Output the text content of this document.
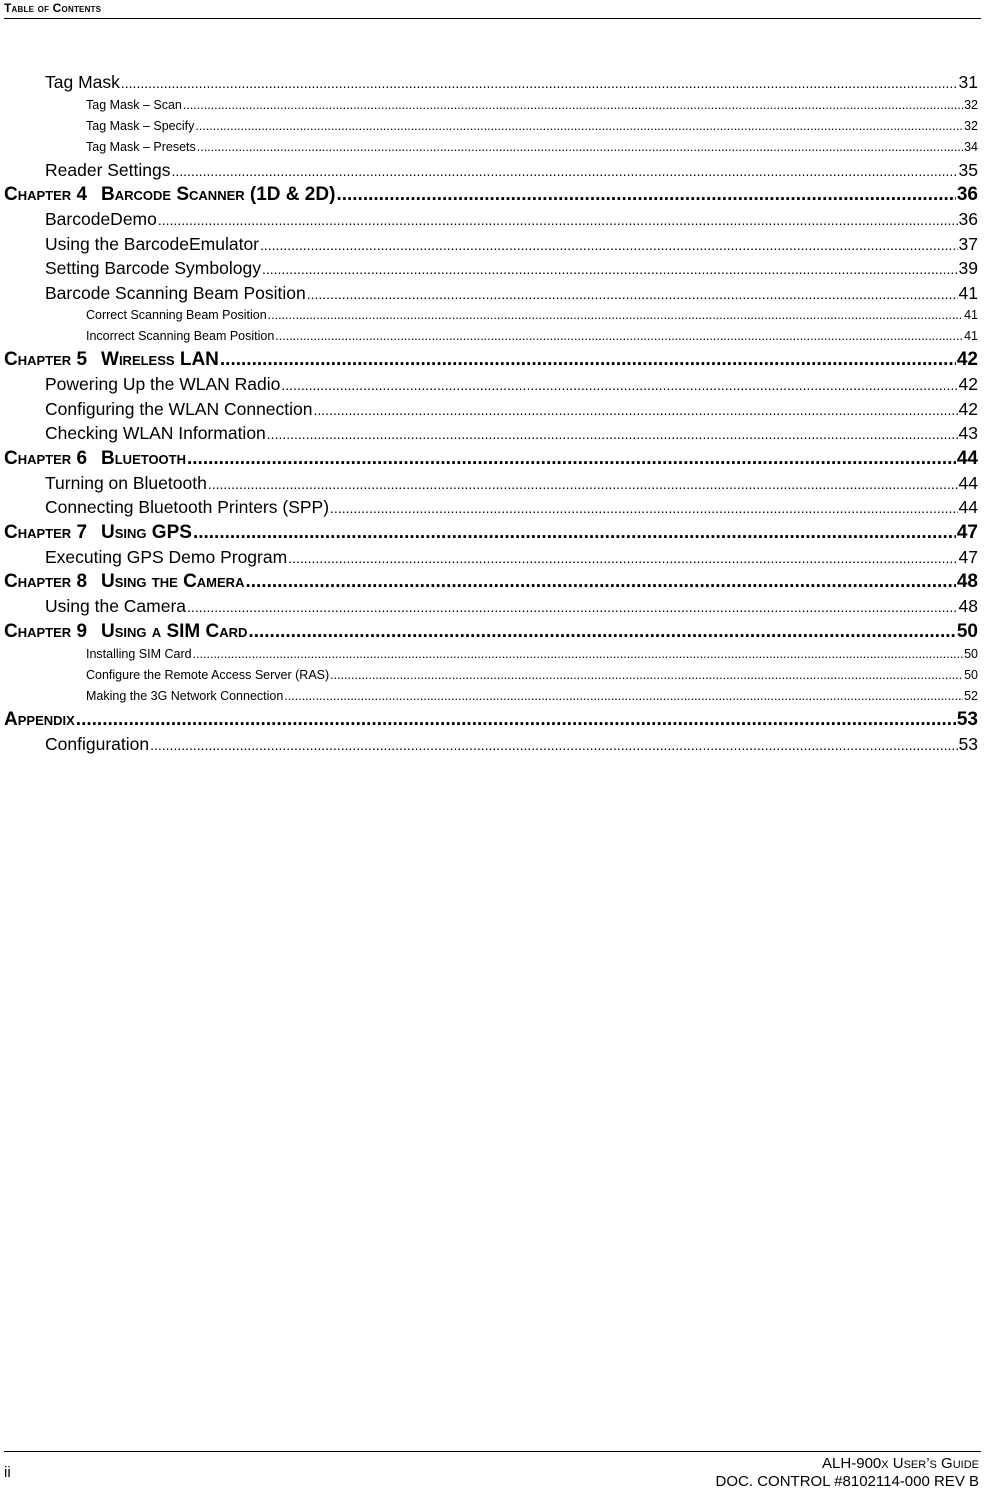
Table of Contents
Tag Mask .....	31
Tag Mask – Scan .....	32
Tag Mask – Specify .....	32
Tag Mask – Presets .....	34
Reader Settings .....	35
Chapter 4 Barcode Scanner (1D & 2D) .....	36
BarcodeDemo .....	36
Using the BarcodeEmulator .....	37
Setting Barcode Symbology .....	39
Barcode Scanning Beam Position .....	41
Correct Scanning Beam Position .....	41
Incorrect Scanning Beam Position .....	41
Chapter 5 Wireless LAN .....	42
Powering Up the WLAN Radio .....	42
Configuring the WLAN Connection .....	42
Checking WLAN Information .....	43
Chapter 6 Bluetooth .....	44
Turning on Bluetooth .....	44
Connecting Bluetooth Printers (SPP) .....	44
Chapter 7 Using GPS .....	47
Executing GPS Demo Program .....	47
Chapter 8 Using the Camera .....	48
Using the Camera .....	48
Chapter 9 Using a SIM Card .....	50
Installing SIM Card .....	50
Configure the Remote Access Server (RAS) .....	50
Making the 3G Network Connection .....	52
Appendix .....	53
Configuration .....	53
ii
ALH-900x User’s Guide
DOC. CONTROL #8102114-000 REV B
